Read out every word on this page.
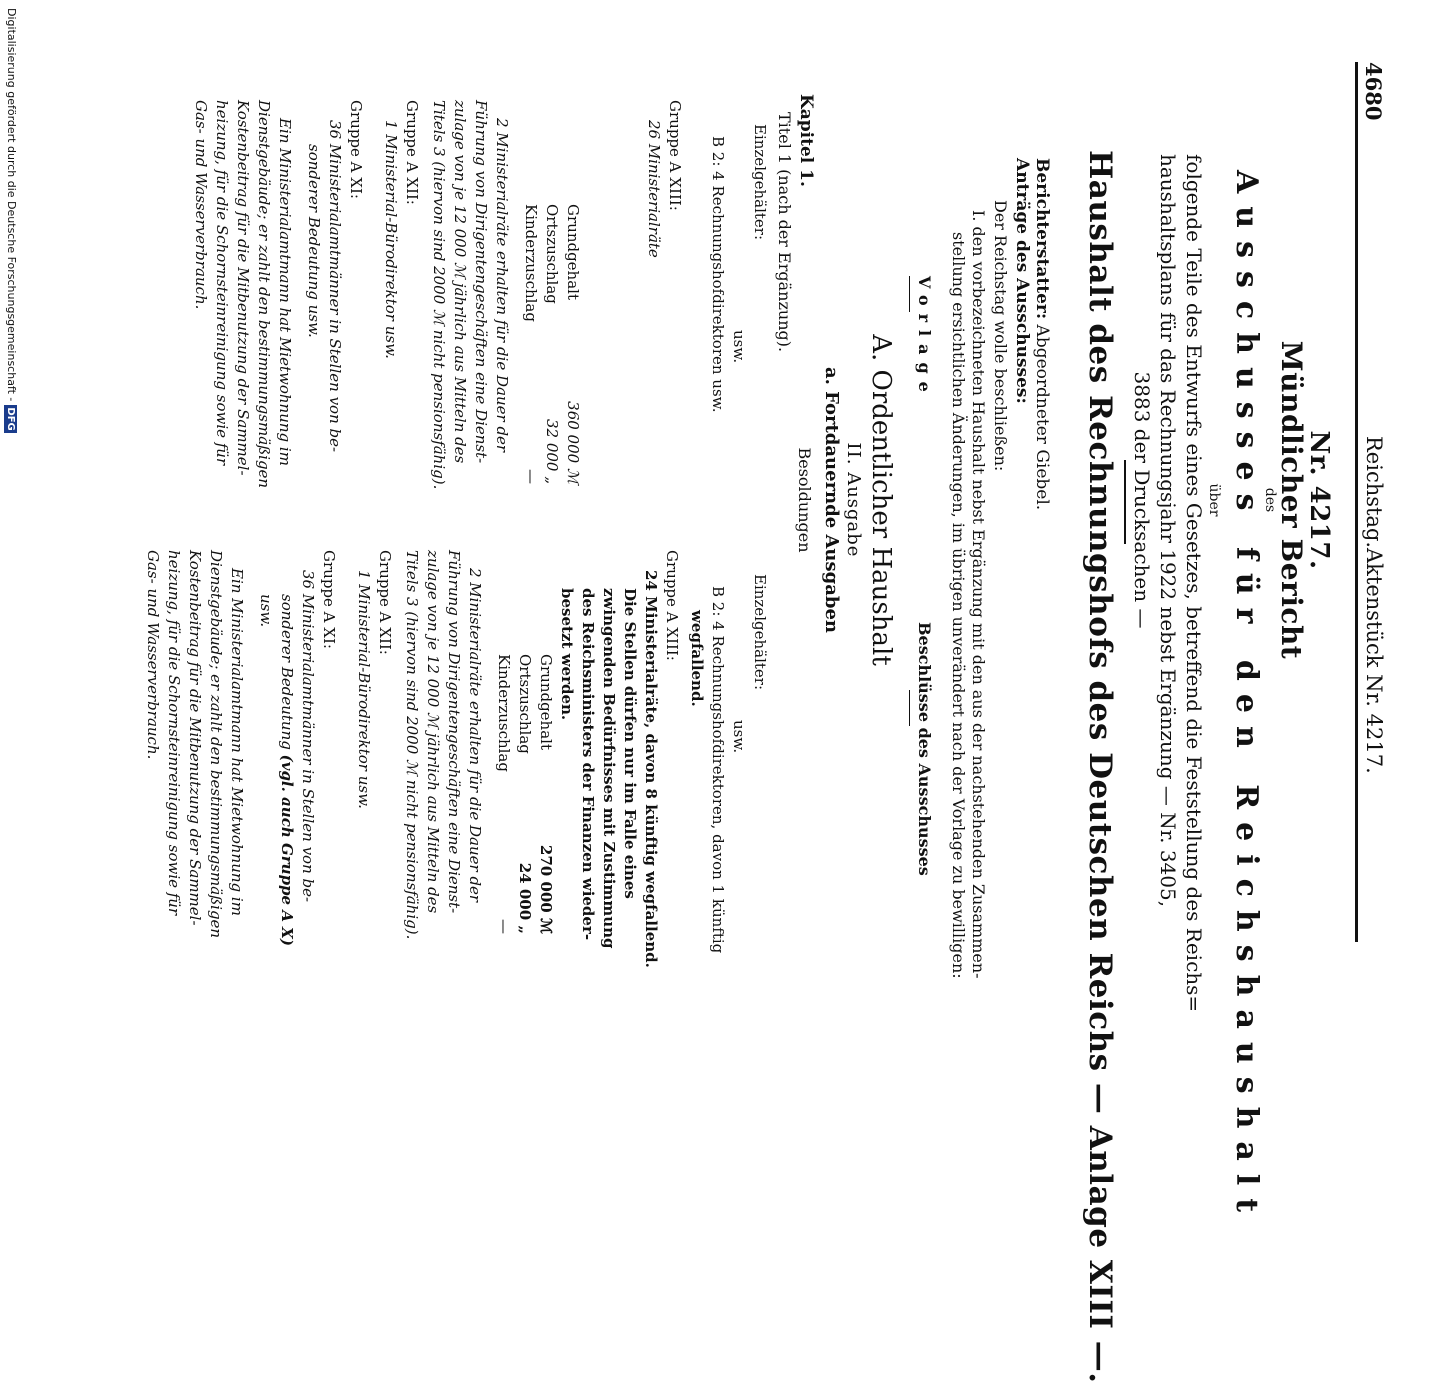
4680
Reichstag.
Aktenstück Nr. 4217.
Nr. 4217.
Mündlicher Bericht
des
Ausschusses für den Reichshaushalt
über
folgende Teile des Entwurfs eines Gesetzes, betreffend die Feststellung des Reichs=
haushaltsplans für das Rechnungsjahr 1922 nebst Ergänzung — Nr. 3405,
3883 der Drucksachen —
Haushalt des Rechnungshofs des Deutschen Reichs — Anlage XIII —.
Berichterstatter: Abgeordneter Giebel.
Anträge des Ausschusses:
Der Reichstag wolle beschließen:
I. den vorbezeichneten Haushalt nebst Ergänzung mit den aus der nachstehenden Zusammen-
stellung ersichtlichen Änderungen, im übrigen unverändert nach der Vorlage zu bewilligen:
Vorlage
Beschlüsse des Ausschusses
A. Ordentlicher Haushalt
II. Ausgabe
a. Fortdauernde Ausgaben
Kapitel 1.
Besoldungen
Titel 1 (nach der Ergänzung).
Einzelgehälter:
usw.
B 2: 4 Rechnungshofdirektoren usw.
Gruppe A XIII:
26 Ministerialräte
Grundgehalt
360 000 ℳ
Ortszuschlag
32 000 „
Kinderzuschlag
—
2 Ministerialräte erhalten für die Dauer der
Führung von Dirigentengeschäften eine Dienst-
zulage von je 12 000 ℳ jährlich aus Mitteln des
Titels 3 (hiervon sind 2000 ℳ nicht pensionsfähig).
Gruppe A XII:
1 Ministerial-Bürodirektor usw.
Gruppe A XI:
36 Ministerialamtmänner in Stellen von be-
sonderer Bedeutung usw.
Ein Ministerialamtmann hat Mietwohnung im
Dienstgebäude; er zahlt den bestimmungsmäßigen
Kostenbeitrag für die Mitbenutzung der Sammel-
heizung, für die Schornsteinreinigung sowie für
Gas- und Wasserverbrauch.
Einzelgehälter:
usw.
B 2: 4 Rechnungshofdirektoren, davon 1 künftig
wegfallend.
Gruppe A XIII:
24 Ministerialräte, davon 8 künftig wegfallend.
Die Stellen dürfen nur im Falle eines
zwingenden Bedürfnisses mit Zustimmung
des Reichsministers der Finanzen wieder-
besetzt werden.
Grundgehalt
270 000 ℳ
Ortszuschlag
24 000 „
Kinderzuschlag
—
2 Ministerialräte erhalten für die Dauer der
Führung von Dirigentengeschäften eine Dienst-
zulage von je 12 000 ℳ jährlich aus Mitteln des
Titels 3 (hiervon sind 2000 ℳ nicht pensionsfähig).
Gruppe A XII:
1 Ministerial-Bürodirektor usw.
Gruppe A XI:
36 Ministerialamtmänner in Stellen von be-
sonderer Bedeutung (vgl. auch Gruppe A X)
usw.
Ein Ministerialamtmann hat Mietwohnung im
Dienstgebäude; er zahlt den bestimmungsmäßigen
Kostenbeitrag für die Mitbenutzung der Sammel-
heizung, für die Schornsteinreinigung sowie für
Gas- und Wasserverbrauch.
Digitalisierung gefördert durch die Deutsche Forschungsgemeinschaft -DFG
